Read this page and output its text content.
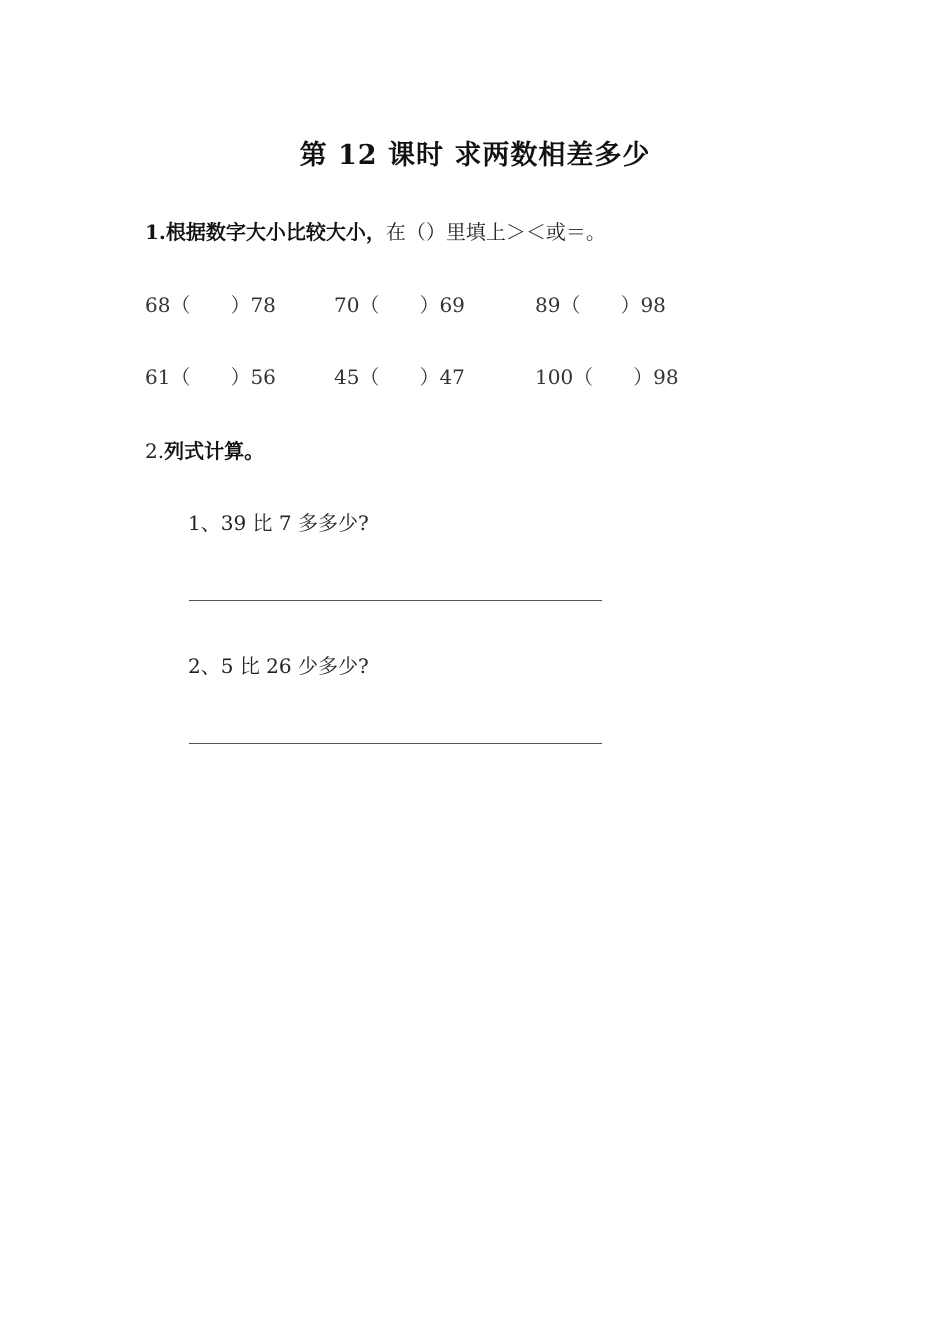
第 12 课时 求两数相差多少
1.根据数字大小比较大小，在（）里填上＞＜或＝。
68（　　）78	70（　　）69	89（　　）98
61（　　）56	45（　　）47	100（　　）98
2.列式计算。
1、39 比 7 多多少?
2、5 比 26 少多少?
